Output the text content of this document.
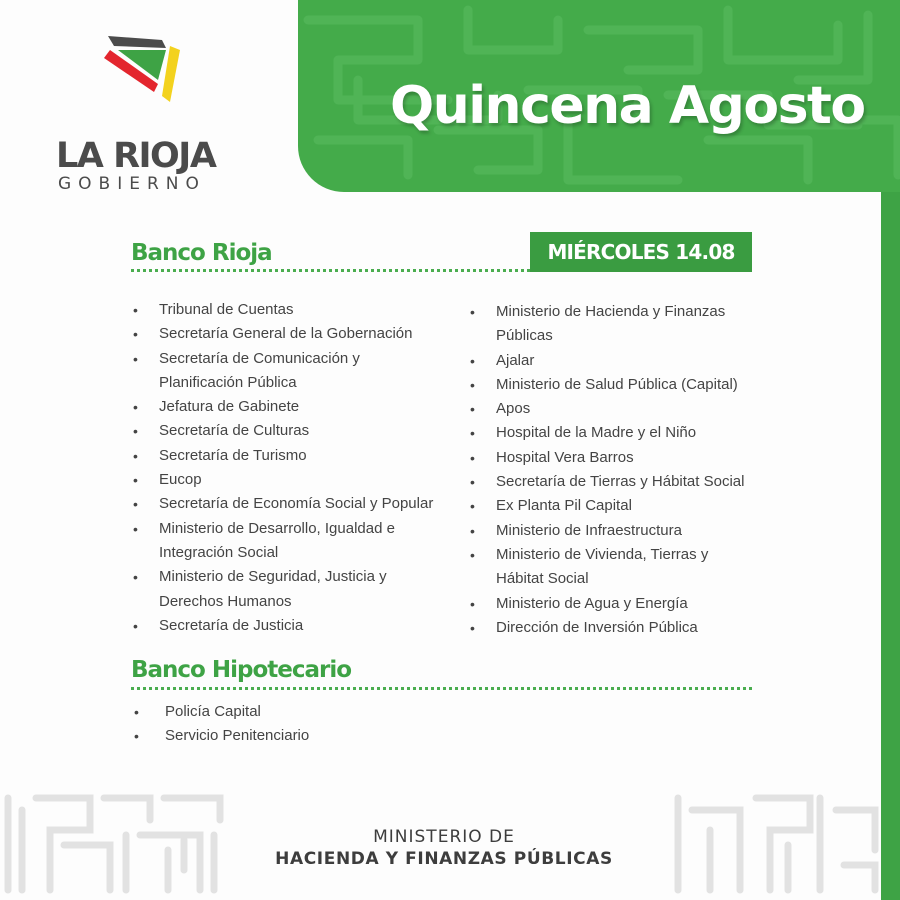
Quincena Agosto
LA RIOJA
GOBIERNO
Banco Rioja	MIÉRCOLES 14.08
• Tribunal de Cuentas
• Secretaría General de la Gobernación
• Secretaría de Comunicación y Planificación Pública
• Jefatura de Gabinete
• Secretaría de Culturas
• Secretaría de Turismo
• Eucop
• Secretaría de Economía Social y Popular
• Ministerio de Desarrollo, Igualdad e Integración Social
• Ministerio de Seguridad, Justicia y Derechos Humanos
• Secretaría de Justicia
• Ministerio de Hacienda y Finanzas Públicas
• Ajalar
• Ministerio de Salud Pública (Capital)
• Apos
• Hospital de la Madre y el Niño
• Hospital Vera Barros
• Secretaría de Tierras y Hábitat Social
• Ex Planta Pil Capital
• Ministerio de Infraestructura
• Ministerio de Vivienda, Tierras y Hábitat Social
• Ministerio de Agua y Energía
• Dirección de Inversión Pública
Banco Hipotecario
• Policía Capital
• Servicio Penitenciario
MINISTERIO DE
HACIENDA Y FINANZAS PÚBLICAS
